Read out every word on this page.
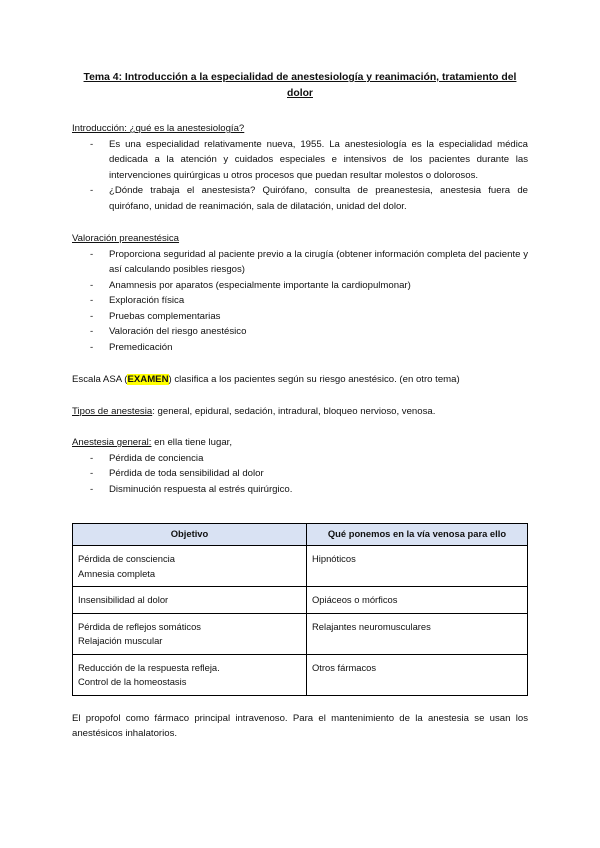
Tema 4: Introducción a la especialidad de anestesiología y reanimación, tratamiento del
dolor

Introducción: ¿qué es la anestesiología?

- Es una especialidad relativamente nueva, 1955. La anestesiología es la especialidad médica dedicada a la atención y cuidados especiales e intensivos de los pacientes durante las intervenciones quirúrgicas u otros procesos que puedan resultar molestos o dolorosos.
- ¿Dónde trabaja el anestesista? Quirófano, consulta de preanestesia, anestesia fuera de quirófano, unidad de reanimación, sala de dilatación, unidad del dolor.

Valoración preanestésica

- Proporciona seguridad al paciente previo a la cirugía (obtener información completa del paciente y así calculando posibles riesgos)
- Anamnesis por aparatos (especialmente importante la cardiopulmonar)
- Exploración física
- Pruebas complementarias
- Valoración del riesgo anestésico
- Premedicación

Escala ASA (EXAMEN) clasifica a los pacientes según su riesgo anestésico. (en otro tema)

Tipos de anestesia: general, epidural, sedación, intradural, bloqueo nervioso, venosa.

Anestesia general: en ella tiene lugar,

- Pérdida de conciencia
- Pérdida de toda sensibilidad al dolor
- Disminución respuesta al estrés quirúrgico.
Objetivo	Qué ponemos en la vía venosa para ello

Pérdida de consciencia
Amnesia completa	Hipnóticos

Insensibilidad al dolor	Opiáceos o mórficos

Pérdida de reflejos somáticos
Relajación muscular	Relajantes neuromusculares

Reducción de la respuesta refleja.
Control de la homeostasis	Otros fármacos

El propofol como fármaco principal intravenoso. Para el mantenimiento de la anestesia se usan los anestésicos inhalatorios.
